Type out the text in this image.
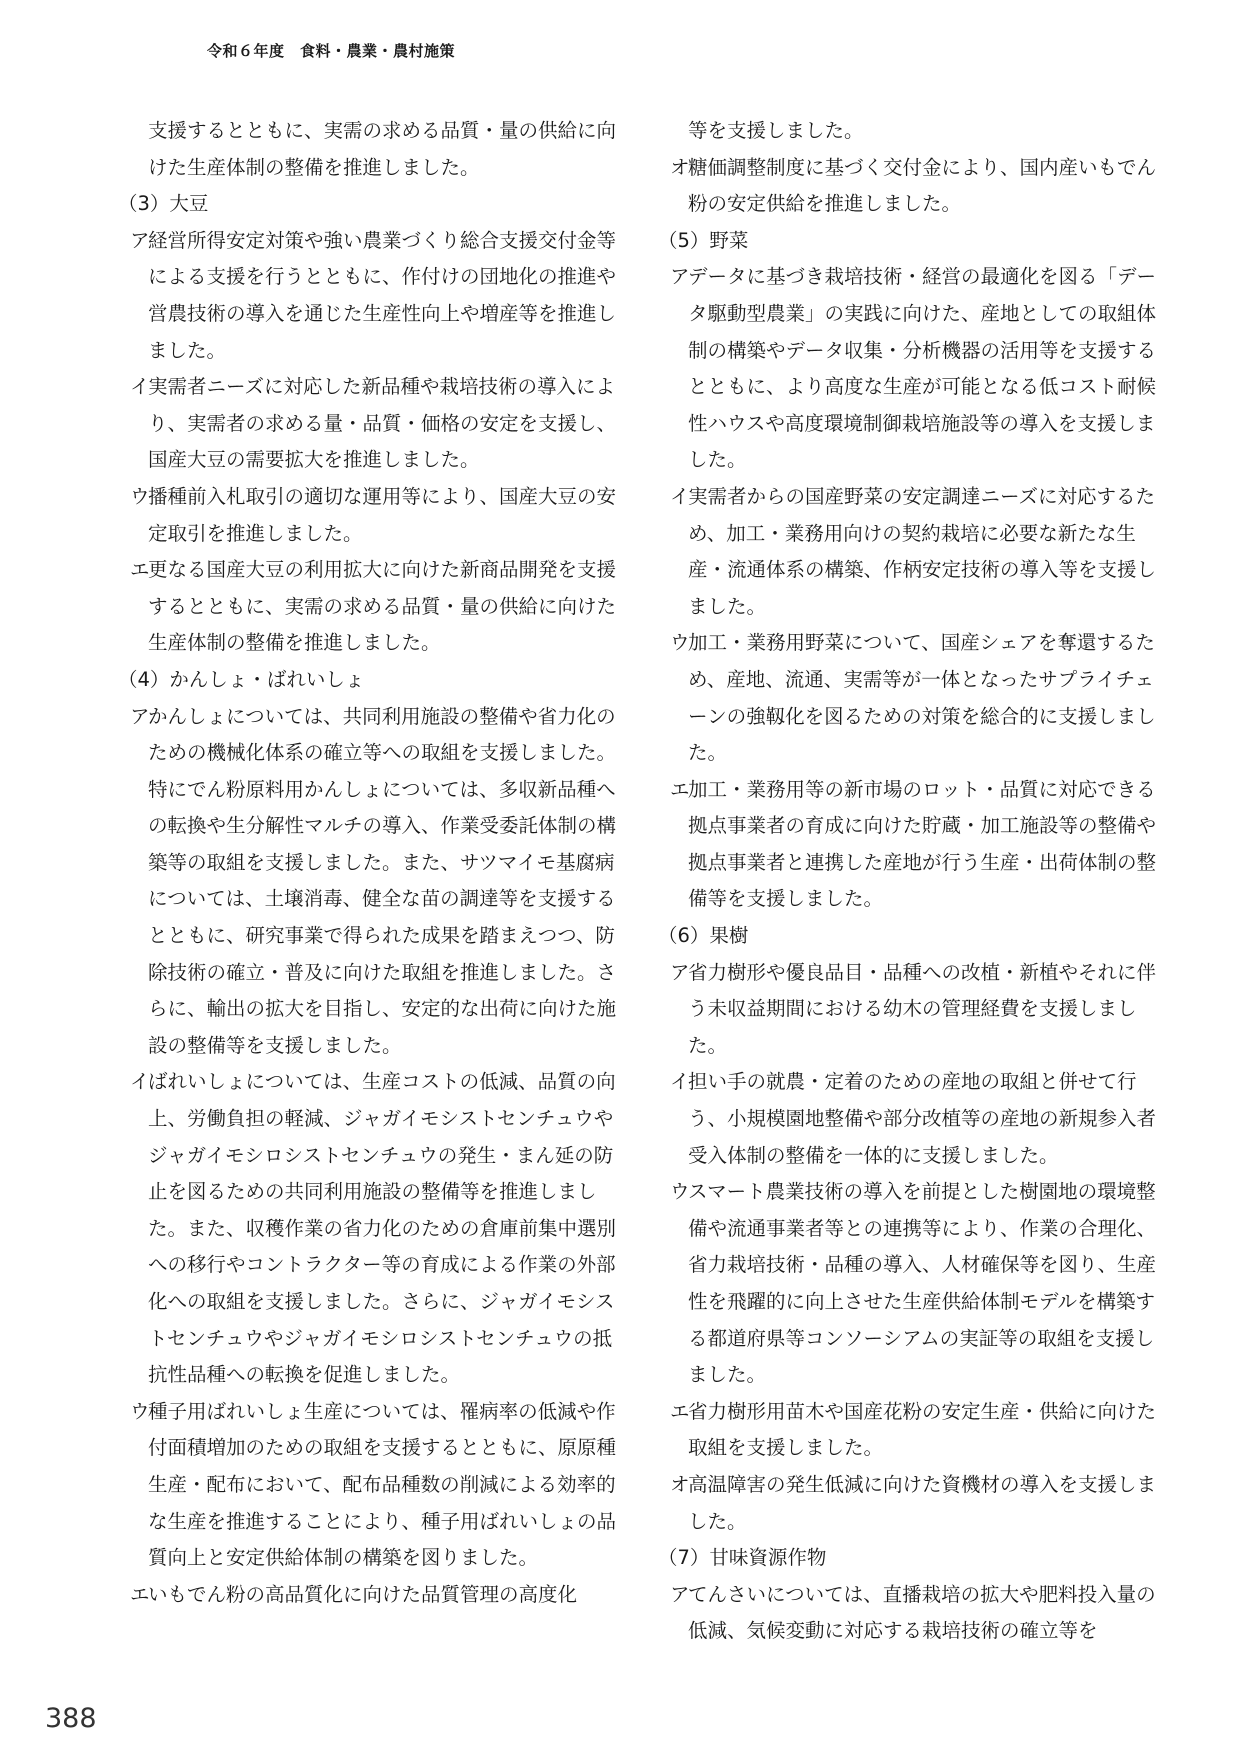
令和６年度　食料・農業・農村施策
支援するとともに、実需の求める品質・量の供給に向けた生産体制の整備を推進しました。
（3）大豆
ア
経営所得安定対策や強い農業づくり総合支援交付金等による支援を行うとともに、作付けの団地化の推進や営農技術の導入を通じた生産性向上や増産等を推進しました。
イ
実需者ニーズに対応した新品種や栽培技術の導入により、実需者の求める量・品質・価格の安定を支援し、国産大豆の需要拡大を推進しました。
ウ
播種前入札取引の適切な運用等により、国産大豆の安定取引を推進しました。
エ
更なる国産大豆の利用拡大に向けた新商品開発を支援するとともに、実需の求める品質・量の供給に向けた生産体制の整備を推進しました。
（4）かんしょ・ばれいしょ
ア
かんしょについては、共同利用施設の整備や省力化のための機械化体系の確立等への取組を支援しました。特にでん粉原料用かんしょについては、多収新品種への転換や生分解性マルチの導入、作業受委託体制の構築等の取組を支援しました。また、サツマイモ基腐病については、土壌消毒、健全な苗の調達等を支援するとともに、研究事業で得られた成果を踏まえつつ、防除技術の確立・普及に向けた取組を推進しました。さらに、輸出の拡大を目指し、安定的な出荷に向けた施設の整備等を支援しました。
イ
ばれいしょについては、生産コストの低減、品質の向上、労働負担の軽減、ジャガイモシストセンチュウやジャガイモシロシストセンチュウの発生・まん延の防止を図るための共同利用施設の整備等を推進しました。また、収穫作業の省力化のための倉庫前集中選別への移行やコントラクター等の育成による作業の外部化への取組を支援しました。さらに、ジャガイモシストセンチュウやジャガイモシロシストセンチュウの抵抗性品種への転換を促進しました。
ウ
種子用ばれいしょ生産については、罹病率の低減や作付面積増加のための取組を支援するとともに、原原種生産・配布において、配布品種数の削減による効率的な生産を推進することにより、種子用ばれいしょの品質向上と安定供給体制の構築を図りました。
エ
いもでん粉の高品質化に向けた品質管理の高度化
等を支援しました。
オ
糖価調整制度に基づく交付金により、国内産いもでん粉の安定供給を推進しました。
（5）野菜
ア
データに基づき栽培技術・経営の最適化を図る「データ駆動型農業」の実践に向けた、産地としての取組体制の構築やデータ収集・分析機器の活用等を支援するとともに、より高度な生産が可能となる低コスト耐候性ハウスや高度環境制御栽培施設等の導入を支援しました。
イ
実需者からの国産野菜の安定調達ニーズに対応するため、加工・業務用向けの契約栽培に必要な新たな生産・流通体系の構築、作柄安定技術の導入等を支援しました。
ウ
加工・業務用野菜について、国産シェアを奪還するため、産地、流通、実需等が一体となったサプライチェーンの強靱化を図るための対策を総合的に支援しました。
エ
加工・業務用等の新市場のロット・品質に対応できる拠点事業者の育成に向けた貯蔵・加工施設等の整備や拠点事業者と連携した産地が行う生産・出荷体制の整備等を支援しました。
（6）果樹
ア
省力樹形や優良品目・品種への改植・新植やそれに伴う未収益期間における幼木の管理経費を支援しました。
イ
担い手の就農・定着のための産地の取組と併せて行う、小規模園地整備や部分改植等の産地の新規参入者受入体制の整備を一体的に支援しました。
ウ
スマート農業技術の導入を前提とした樹園地の環境整備や流通事業者等との連携等により、作業の合理化、省力栽培技術・品種の導入、人材確保等を図り、生産性を飛躍的に向上させた生産供給体制モデルを構築する都道府県等コンソーシアムの実証等の取組を支援しました。
エ
省力樹形用苗木や国産花粉の安定生産・供給に向けた取組を支援しました。
オ
高温障害の発生低減に向けた資機材の導入を支援しました。
（7）甘味資源作物
ア
てんさいについては、直播栽培の拡大や肥料投入量の低減、気候変動に対応する栽培技術の確立等を
388
